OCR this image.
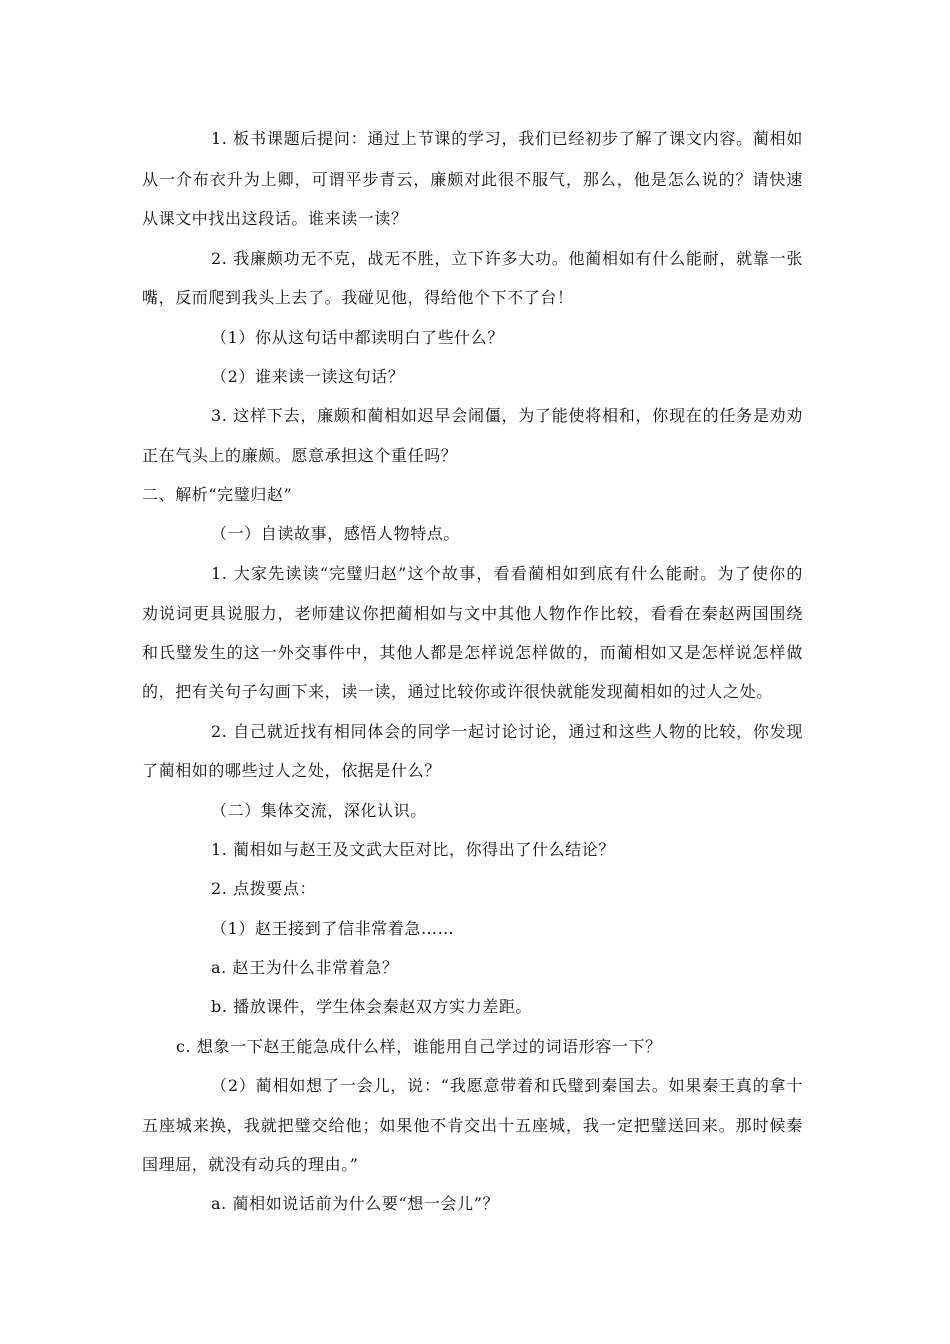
1. 板书课题后提问：通过上节课的学习，我们已经初步了解了课文内容。蔺相如
从一介布衣升为上卿，可谓平步青云，廉颇对此很不服气，那么，他是怎么说的？请快速
从课文中找出这段话。谁来读一读？
2. 我廉颇功无不克，战无不胜，立下许多大功。他蔺相如有什么能耐，就靠一张
嘴，反而爬到我头上去了。我碰见他，得给他个下不了台！
（1）你从这句话中都读明白了些什么？
（2）谁来读一读这句话？
3. 这样下去，廉颇和蔺相如迟早会闹僵，为了能使将相和，你现在的任务是劝劝
正在气头上的廉颇。愿意承担这个重任吗？
二、解析“完璧归赵”
（一）自读故事，感悟人物特点。
1. 大家先读读“完璧归赵”这个故事，看看蔺相如到底有什么能耐。为了使你的
劝说词更具说服力，老师建议你把蔺相如与文中其他人物作作比较，看看在秦赵两国围绕
和氏璧发生的这一外交事件中，其他人都是怎样说怎样做的，而蔺相如又是怎样说怎样做
的，把有关句子勾画下来，读一读，通过比较你或许很快就能发现蔺相如的过人之处。
2. 自己就近找有相同体会的同学一起讨论讨论，通过和这些人物的比较，你发现
了蔺相如的哪些过人之处，依据是什么？
（二）集体交流，深化认识。
1. 蔺相如与赵王及文武大臣对比，你得出了什么结论？
2. 点拨要点：
（1）赵王接到了信非常着急……
a. 赵王为什么非常着急？
b. 播放课件，学生体会秦赵双方实力差距。
c. 想象一下赵王能急成什么样，谁能用自己学过的词语形容一下？
（2）蔺相如想了一会儿，说：“我愿意带着和氏璧到秦国去。如果秦王真的拿十
五座城来换，我就把璧交给他；如果他不肯交出十五座城，我一定把璧送回来。那时候秦
国理屈，就没有动兵的理由。”
a. 蔺相如说话前为什么要“想一会儿”？
